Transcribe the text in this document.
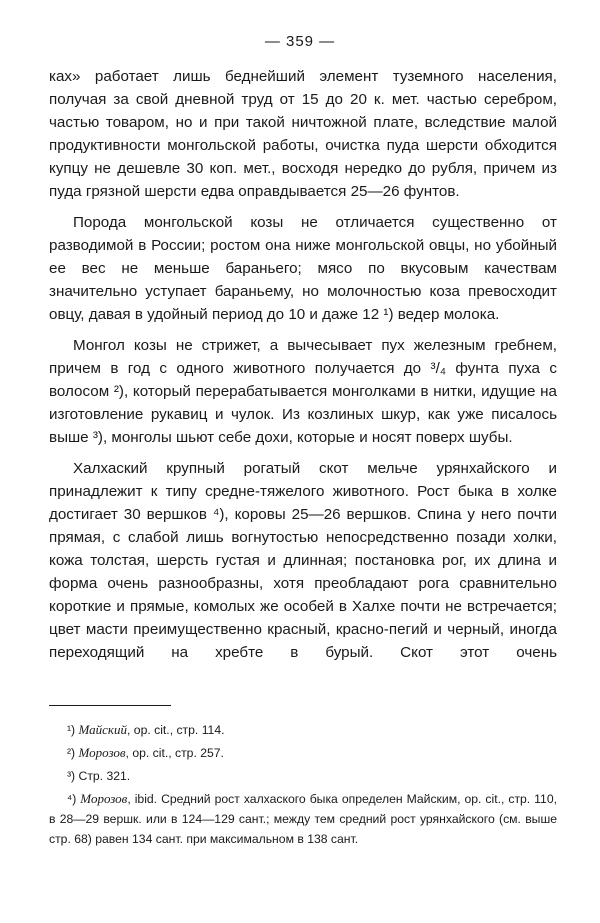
— 359 —

ках» работает лишь беднейший элемент туземного населения, получая за свой дневной труд от 15 до 20 к. мет. частью серебром, частью товаром, но и при такой ничтожной плате, вследствие малой продуктивности монгольской работы, очистка пуда шерсти обходится купцу не дешевле 30 коп. мет., восходя нередко до рубля, причем из пуда грязной шерсти едва оправдывается 25—26 фунтов.

Порода монгольской козы не отличается существенно от разводимой в России; ростом она ниже монгольской овцы, но убойный ее вес не меньше бараньего; мясо по вкусовым качествам значительно уступает бараньему, но молочностью коза превосходит овцу, давая в удойный период до 10 и даже 12 ¹) ведер молока.

Монгол козы не стрижет, а вычесывает пух железным гребнем, причем в год с одного животного получается до ³/₄ фунта пуха с волосом ²), который перерабатывается монголками в нитки, идущие на изготовление рукавиц и чулок. Из козлиных шкур, как уже писалось выше ³), монголы шьют себе дохи, которые и носят поверх шубы.

Халхаский крупный рогатый скот мельче урянхайского и принадлежит к типу средне-тяжелого животного. Рост быка в холке достигает 30 вершков ⁴), коровы 25—26 вершков. Спина у него почти прямая, с слабой лишь вогнутостью непосредственно позади холки, кожа толстая, шерсть густая и длинная; постановка рог, их длина и форма очень разнообразны, хотя преобладают рога сравнительно короткие и прямые, комолых же особей в Халхе почти не встречается; цвет масти преимущественно красный, красно-пегий и черный, иногда переходящий на хребте в бурый. Скот этот очень

¹) Майский, op. cit., стр. 114.

²) Морозов, op. cit., стр. 257.

³) Стр. 321.

⁴) Морозов, ibid. Средний рост халхаского быка определен Майским, op. cit., стр. 110, в 28—29 вершк. или в 124—129 сант.; между тем средний рост урянхайского (см. выше стр. 68) равен 134 сант. при максимальном в 138 сант.
